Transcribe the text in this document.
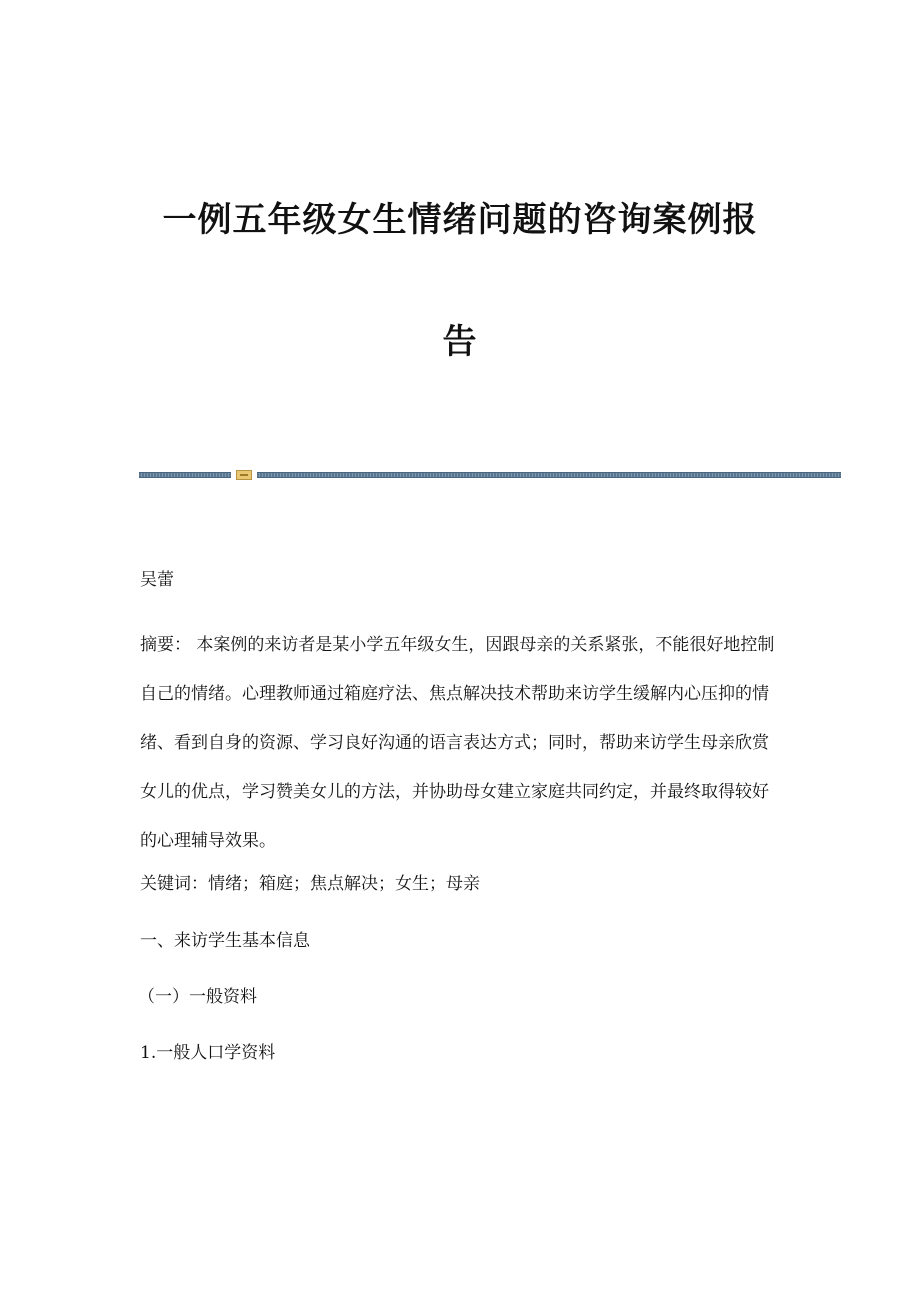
一例五年级女生情绪问题的咨询案例报
告

吴蕾

摘要： 本案例的来访者是某小学五年级女生，因跟母亲的关系紧张，不能很好地控制自己的情绪。心理教师通过箱庭疗法、焦点解决技术帮助来访学生缓解内心压抑的情绪、看到自身的资源、学习良好沟通的语言表达方式；同时，帮助来访学生母亲欣赏女儿的优点，学习赞美女儿的方法，并协助母女建立家庭共同约定，并最终取得较好的心理辅导效果。

关键词：情绪；箱庭；焦点解决；女生；母亲

一、来访学生基本信息

（一）一般资料

1.一般人口学资料
